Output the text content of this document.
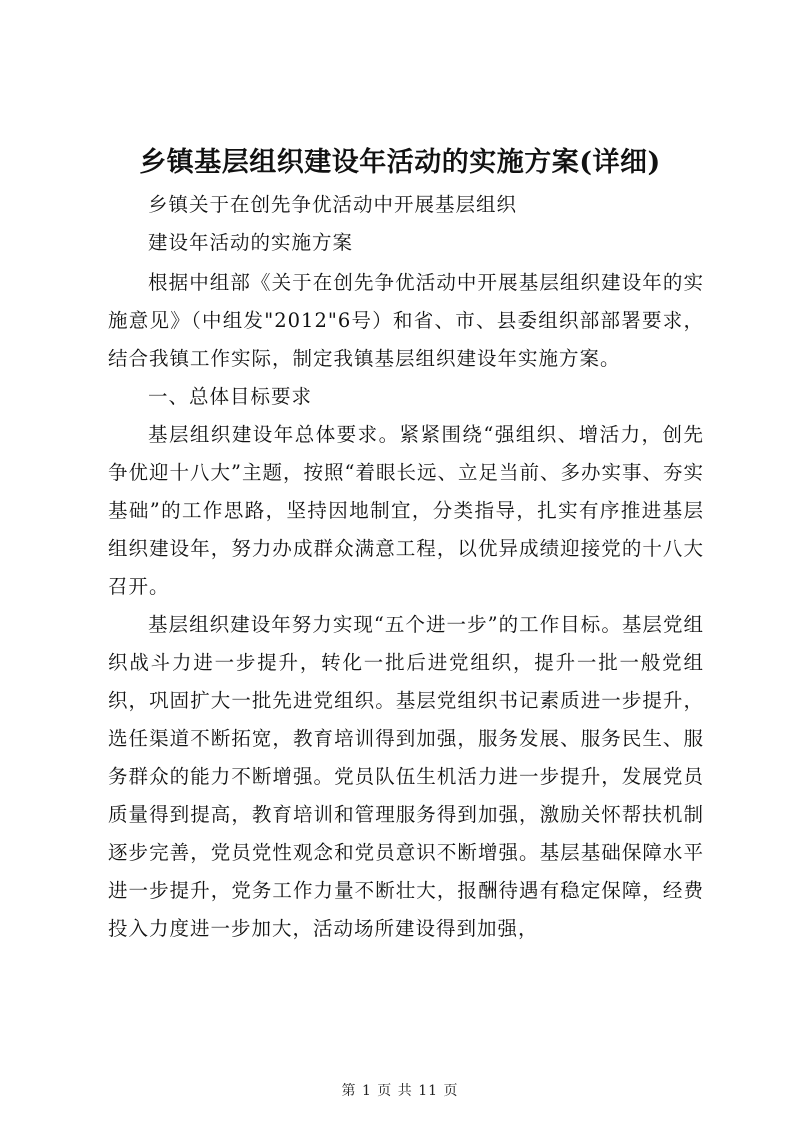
乡镇基层组织建设年活动的实施方案(详细)

乡镇关于在创先争优活动中开展基层组织

建设年活动的实施方案

根据中组部《关于在创先争优活动中开展基层组织建设年的实施意见》（中组发"2012"6号）和省、市、县委组织部部署要求，结合我镇工作实际，制定我镇基层组织建设年实施方案。

一、总体目标要求

基层组织建设年总体要求。紧紧围绕“强组织、增活力，创先争优迎十八大”主题，按照“着眼长远、立足当前、多办实事、夯实基础”的工作思路，坚持因地制宜，分类指导，扎实有序推进基层组织建设年，努力办成群众满意工程，以优异成绩迎接党的十八大召开。

基层组织建设年努力实现“五个进一步”的工作目标。基层党组织战斗力进一步提升，转化一批后进党组织，提升一批一般党组织，巩固扩大一批先进党组织。基层党组织书记素质进一步提升，选任渠道不断拓宽，教育培训得到加强，服务发展、服务民生、服务群众的能力不断增强。党员队伍生机活力进一步提升，发展党员质量得到提高，教育培训和管理服务得到加强，激励关怀帮扶机制逐步完善，党员党性观念和党员意识不断增强。基层基础保障水平进一步提升，党务工作力量不断壮大，报酬待遇有稳定保障，经费投入力度进一步加大，活动场所建设得到加强，

第 1 页 共 11 页
